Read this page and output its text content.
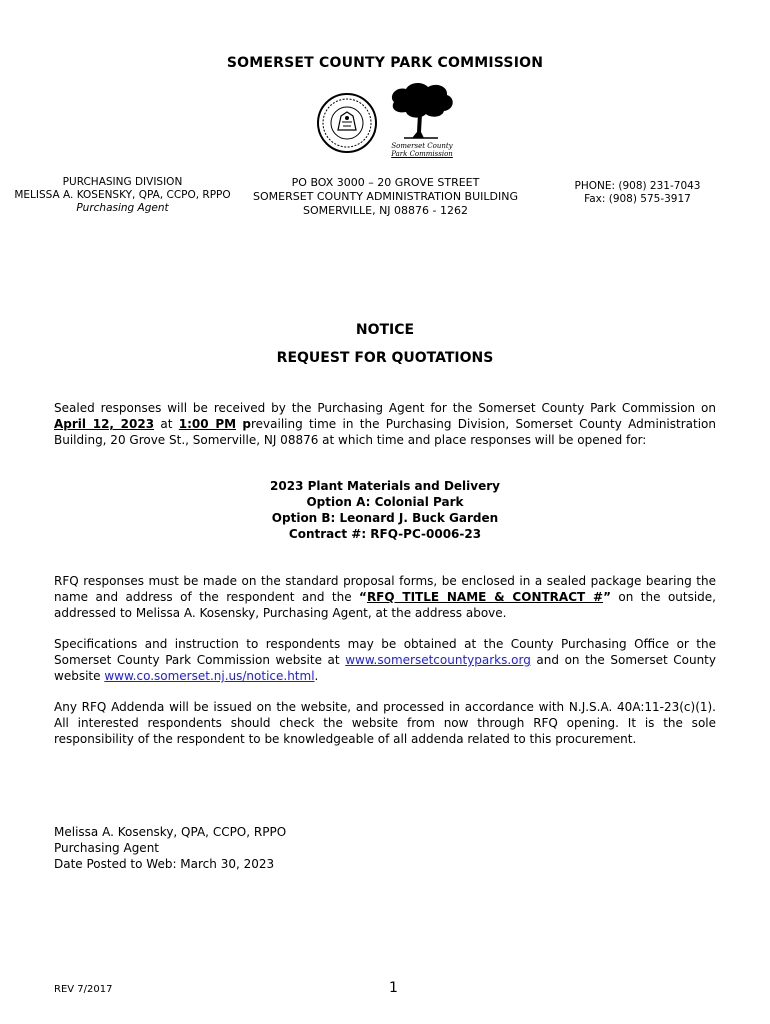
SOMERSET COUNTY PARK COMMISSION
Somerset County
Park Commission
PURCHASING DIVISION
MELISSA A. KOSENSKY, QPA, CCPO, RPPO
Purchasing Agent
PO BOX 3000 – 20 GROVE STREET
SOMERSET COUNTY ADMINISTRATION BUILDING
SOMERVILLE, NJ 08876 - 1262
PHONE: (908) 231-7043
Fax: (908) 575-3917
NOTICE
REQUEST FOR QUOTATIONS
Sealed responses will be received by the Purchasing Agent for the Somerset County Park Commission on April 12, 2023 at 1:00 PM prevailing time in the Purchasing Division, Somerset County Administration Building, 20 Grove St., Somerville, NJ 08876 at which time and place responses will be opened for:
2023 Plant Materials and Delivery
Option A: Colonial Park
Option B: Leonard J. Buck Garden
Contract #: RFQ-PC-0006-23
RFQ responses must be made on the standard proposal forms, be enclosed in a sealed package bearing the name and address of the respondent and the “RFQ TITLE NAME & CONTRACT #” on the outside, addressed to Melissa A. Kosensky, Purchasing Agent, at the address above.
Specifications and instruction to respondents may be obtained at the County Purchasing Office or the Somerset County Park Commission website at www.somersetcountyparks.org and on the Somerset County website www.co.somerset.nj.us/notice.html.
Any RFQ Addenda will be issued on the website, and processed in accordance with N.J.S.A. 40A:11-23(c)(1). All interested respondents should check the website from now through RFQ opening. It is the sole responsibility of the respondent to be knowledgeable of all addenda related to this procurement.
Melissa A. Kosensky, QPA, CCPO, RPPO
Purchasing Agent
Date Posted to Web: March 30, 2023
REV 7/2017	1
